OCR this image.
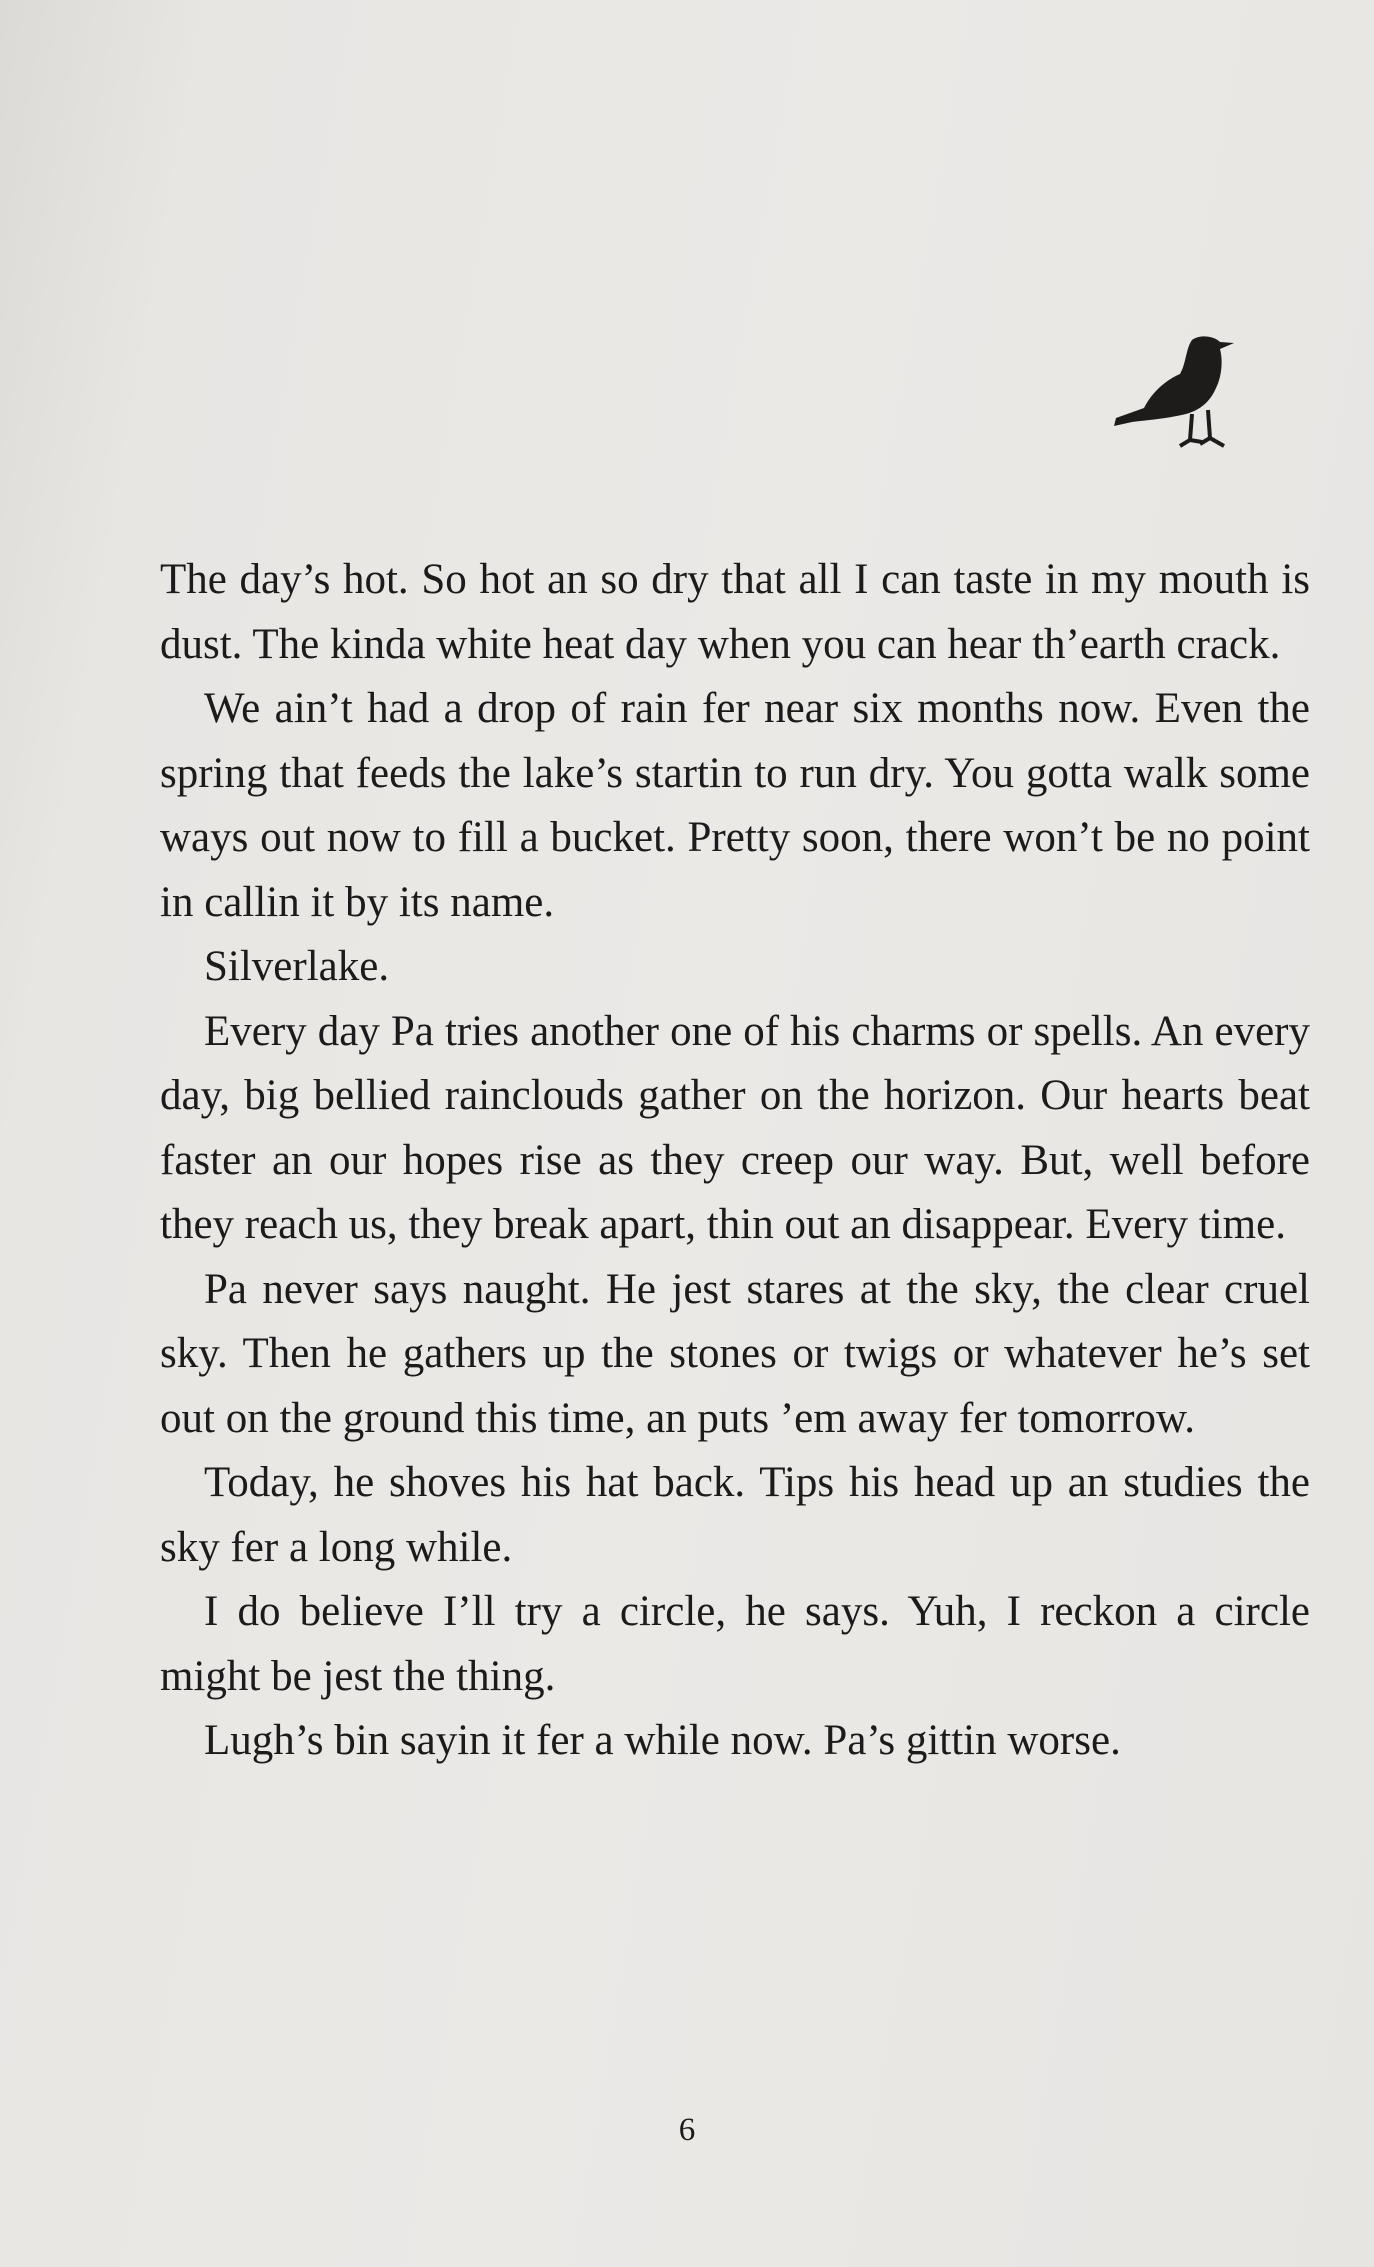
The day’s hot. So hot an so dry that all I can taste in my mouth is dust. The kinda white heat day when you can hear th’earth crack.

We ain’t had a drop of rain fer near six months now. Even the spring that feeds the lake’s startin to run dry. You gotta walk some ways out now to fill a bucket. Pretty soon, there won’t be no point in callin it by its name.

Silverlake.

Every day Pa tries another one of his charms or spells. An every day, big bellied rainclouds gather on the horizon. Our hearts beat faster an our hopes rise as they creep our way. But, well before they reach us, they break apart, thin out an disappear. Every time.

Pa never says naught. He jest stares at the sky, the clear cruel sky. Then he gathers up the stones or twigs or whatever he’s set out on the ground this time, an puts ’em away fer tomorrow.

Today, he shoves his hat back. Tips his head up an studies the sky fer a long while.

I do believe I’ll try a circle, he says. Yuh, I reckon a circle might be jest the thing.

Lugh’s bin sayin it fer a while now. Pa’s gittin worse.

6
